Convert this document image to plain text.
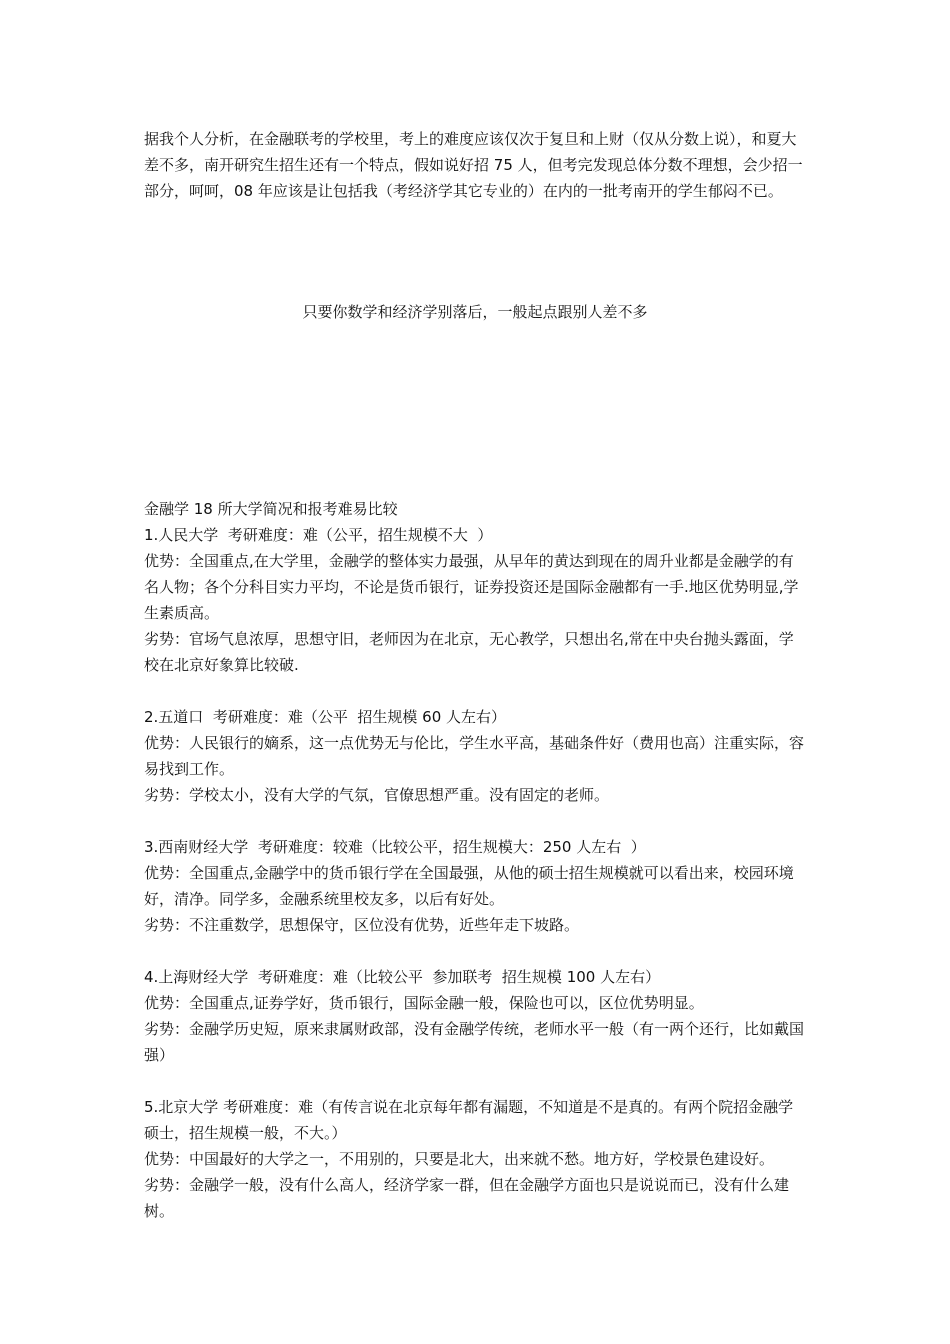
据我个人分析，在金融联考的学校里，考上的难度应该仅次于复旦和上财（仅从分数上说），和夏大差不多，南开研究生招生还有一个特点，假如说好招 75 人，但考完发现总体分数不理想，会少招一部分，呵呵，08 年应该是让包括我（考经济学其它专业的）在内的一批考南开的学生郁闷不已。

只要你数学和经济学别落后，一般起点跟别人差不多

金融学 18 所大学简况和报考难易比较

1.人民大学  考研难度：难（公平，招生规模不大  ）

优势：全国重点,在大学里，金融学的整体实力最强，从早年的黄达到现在的周升业都是金融学的有名人物；各个分科目实力平均，不论是货币银行，证券投资还是国际金融都有一手.地区优势明显,学生素质高。

劣势：官场气息浓厚，思想守旧，老师因为在北京，无心教学，只想出名,常在中央台抛头露面，学校在北京好象算比较破.

2.五道口  考研难度：难（公平  招生规模 60 人左右）

优势：人民银行的嫡系，这一点优势无与伦比，学生水平高，基础条件好（费用也高）注重实际，容易找到工作。

劣势：学校太小，没有大学的气氛，官僚思想严重。没有固定的老师。

3.西南财经大学  考研难度：较难（比较公平，招生规模大：250 人左右  ）

优势：全国重点,金融学中的货币银行学在全国最强，从他的硕士招生规模就可以看出来，校园环境好，清净。同学多，金融系统里校友多，以后有好处。

劣势：不注重数学，思想保守，区位没有优势，近些年走下坡路。

4.上海财经大学  考研难度：难（比较公平  参加联考  招生规模 100 人左右）

优势：全国重点,证券学好，货币银行，国际金融一般，保险也可以，区位优势明显。

劣势：金融学历史短，原来隶属财政部，没有金融学传统，老师水平一般（有一两个还行，比如戴国强）

5.北京大学 考研难度：难（有传言说在北京每年都有漏题，不知道是不是真的。有两个院招金融学硕士，招生规模一般，不大。）

优势：中国最好的大学之一，不用别的，只要是北大，出来就不愁。地方好，学校景色建设好。

劣势：金融学一般，没有什么高人，经济学家一群，但在金融学方面也只是说说而已，没有什么建树。
